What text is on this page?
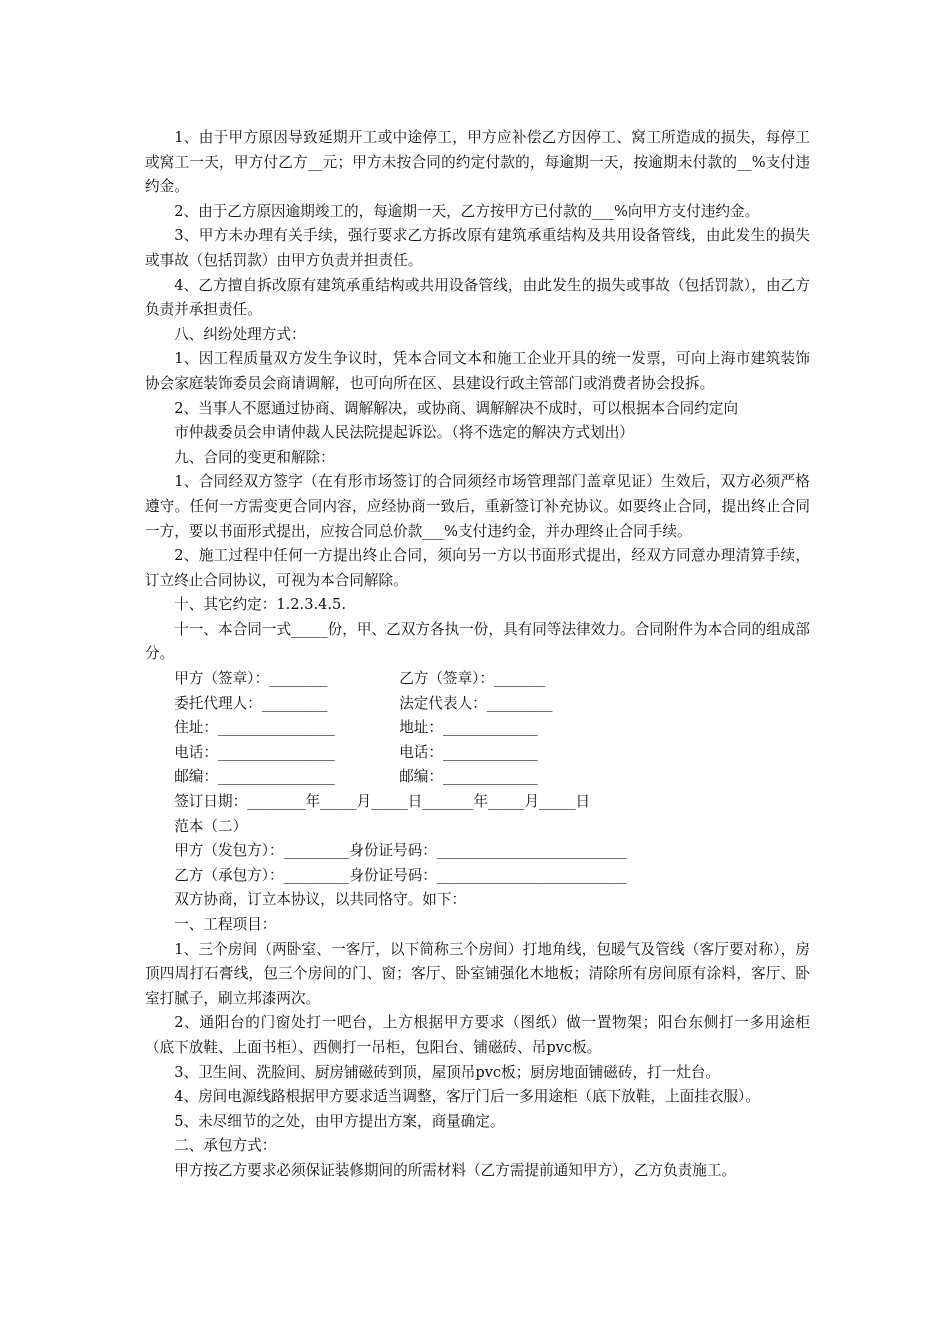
1、由于甲方原因导致延期开工或中途停工，甲方应补偿乙方因停工、窝工所造成的损失，每停工或窝工一天，甲方付乙方__元；甲方未按合同的约定付款的，每逾期一天，按逾期未付款的__%支付违约金。

2、由于乙方原因逾期竣工的，每逾期一天，乙方按甲方已付款的___%向甲方支付违约金。

3、甲方未办理有关手续，强行要求乙方拆改原有建筑承重结构及共用设备管线，由此发生的损失或事故（包括罚款）由甲方负责并担责任。

4、乙方擅自拆改原有建筑承重结构或共用设备管线，由此发生的损失或事故（包括罚款），由乙方负责并承担责任。

八、纠纷处理方式：

1、因工程质量双方发生争议时，凭本合同文本和施工企业开具的统一发票，可向上海市建筑装饰协会家庭装饰委员会商请调解，也可向所在区、县建设行政主管部门或消费者协会投拆。

2、当事人不愿通过协商、调解解决，或协商、调解解决不成时，可以根据本合同约定向

市仲裁委员会申请仲裁人民法院提起诉讼。（将不选定的解决方式划出）

九、合同的变更和解除：

1、合同经双方签字（在有形市场签订的合同须经市场管理部门盖章见证）生效后，双方必须严格遵守。任何一方需变更合同内容，应经协商一致后，重新签订补充协议。如要终止合同，提出终止合同一方，要以书面形式提出，应按合同总价款___%支付违约金，并办理终止合同手续。

2、施工过程中任何一方提出终止合同，须向另一方以书面形式提出，经双方同意办理清算手续，订立终止合同协议，可视为本合同解除。

十、其它约定：1.2.3.4.5.

十一、本合同一式_____份，甲、乙双方各执一份，具有同等法律效力。合同附件为本合同的组成部分。

甲方（签章）：________	乙方（签章）：_______
委托代理人：_________	法定代表人：_________
住址：________________	地址：_____________
电话：________________	电话：_____________
邮编：________________	邮编：_____________
签订日期：________年_____月_____日_______年_____月_____日

范本（二）

甲方（发包方）： _________ 身份证号码： __________________________
乙方（承包方）： _________ 身份证号码： __________________________

双方协商，订立本协议，以共同恪守。如下：

一、工程项目：

1、三个房间（两卧室、一客厅，以下简称三个房间）打地角线，包暖气及管线（客厅要对称），房顶四周打石膏线，包三个房间的门、窗；客厅、卧室铺强化木地板；清除所有房间原有涂料，客厅、卧室打腻子，刷立邦漆两次。

2、通阳台的门窗处打一吧台，上方根据甲方要求（图纸）做一置物架；阳台东侧打一多用途柜（底下放鞋、上面书柜）、西侧打一吊柜，包阳台、铺磁砖、吊pvc板。

3、卫生间、洗脸间、厨房铺磁砖到顶，屋顶吊pvc板；厨房地面铺磁砖，打一灶台。

4、房间电源线路根据甲方要求适当调整，客厅门后一多用途柜（底下放鞋，上面挂衣服）。

5、未尽细节的之处，由甲方提出方案，商量确定。

二、承包方式：

甲方按乙方要求必须保证装修期间的所需材料（乙方需提前通知甲方），乙方负责施工。
